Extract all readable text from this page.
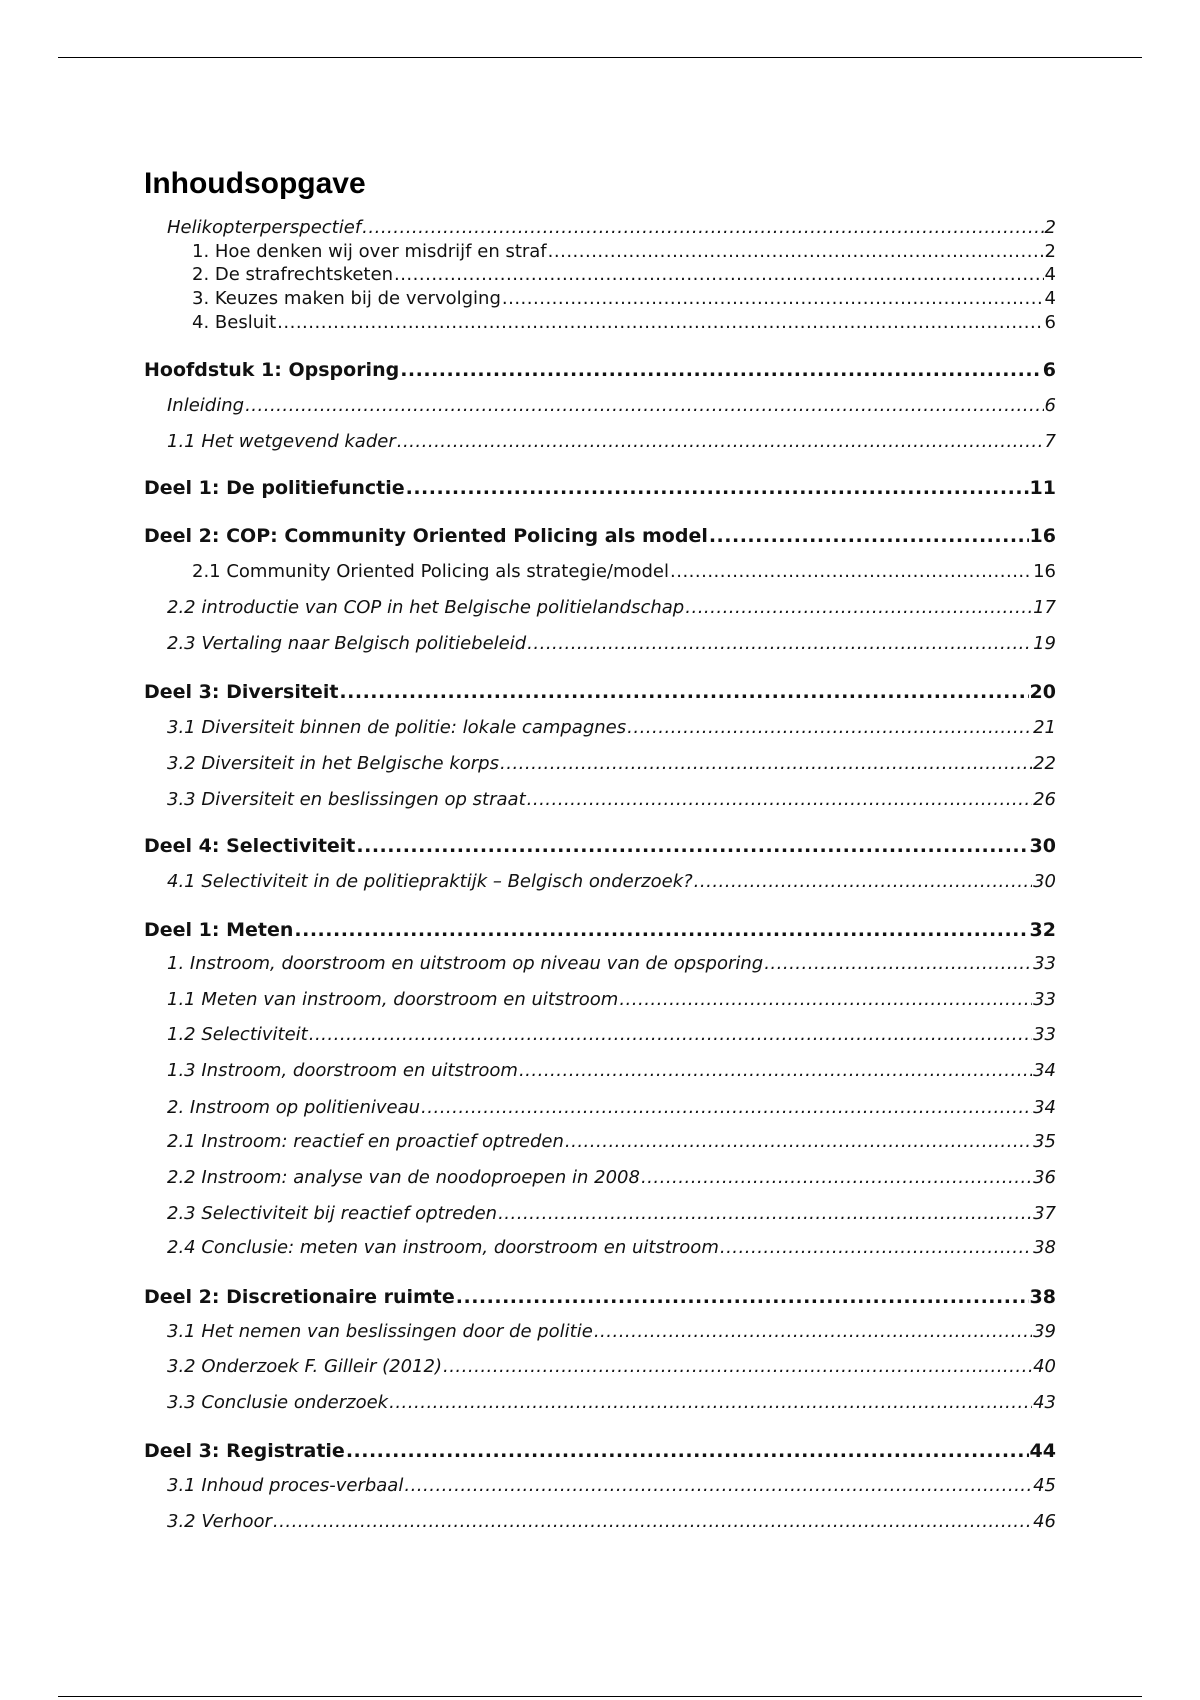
Inhoudsopgave
Helikopterperspectief .....	2
1. Hoe denken wij over misdrijf en straf .....	2
2. De strafrechtsketen .....	4
3. Keuzes maken bij de vervolging .....	4
4. Besluit .....	6
Hoofdstuk 1: Opsporing .....	6
Inleiding .....	6
1.1 Het wetgevend kader .....	7
Deel 1: De politiefunctie .....	11
Deel 2: COP: Community Oriented Policing als model .....	16
2.1 Community Oriented Policing als strategie/model .....	16
2.2 introductie van COP in het Belgische politielandschap .....	17
2.3 Vertaling naar Belgisch politiebeleid .....	19
Deel 3: Diversiteit .....	20
3.1 Diversiteit binnen de politie: lokale campagnes .....	21
3.2 Diversiteit in het Belgische korps .....	22
3.3 Diversiteit en beslissingen op straat .....	26
Deel 4: Selectiviteit .....	30
4.1 Selectiviteit in de politiepraktijk – Belgisch onderzoek? .....	30
Deel 1: Meten .....	32
1. Instroom, doorstroom en uitstroom op niveau van de opsporing .....	33
1.1 Meten van instroom, doorstroom en uitstroom .....	33
1.2 Selectiviteit .....	33
1.3 Instroom, doorstroom en uitstroom .....	34
2. Instroom op politieniveau .....	34
2.1 Instroom: reactief en proactief optreden .....	35
2.2 Instroom: analyse van de noodoproepen in 2008 .....	36
2.3 Selectiviteit bij reactief optreden .....	37
2.4 Conclusie: meten van instroom, doorstroom en uitstroom .....	38
Deel 2: Discretionaire ruimte .....	38
3.1 Het nemen van beslissingen door de politie .....	39
3.2 Onderzoek F. Gilleir (2012) .....	40
3.3 Conclusie onderzoek .....	43
Deel 3: Registratie .....	44
3.1 Inhoud proces-verbaal .....	45
3.2 Verhoor .....	46
